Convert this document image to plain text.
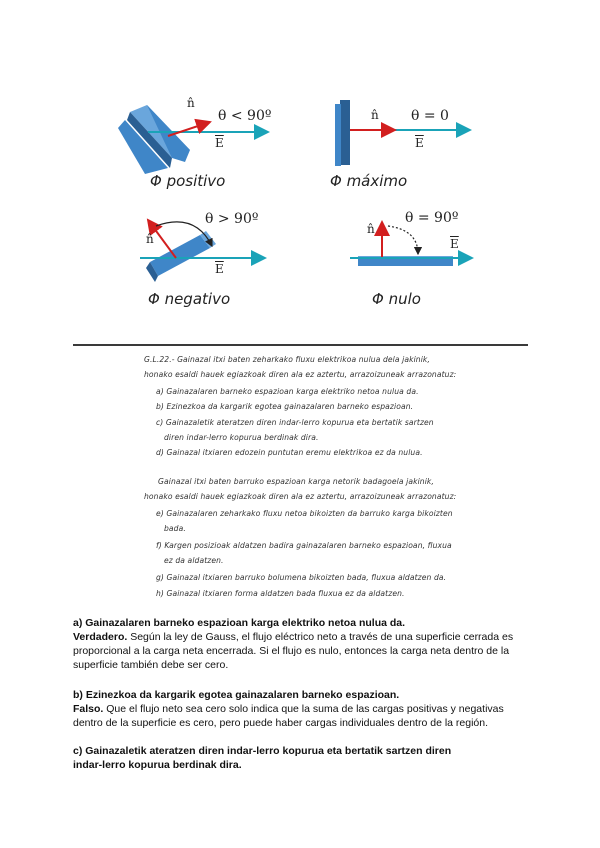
n̂
θ < 90º
$\overline{E}$
Φ positivo
n̂ θ = 0
$\overline{E}$
Φ máximo
n̂
θ > 90º
$\overline{E}$
Φ negativo
n̂
θ = 90º
$\overline{E}$
Φ nulo
G.L.22.- Gainazal itxi baten zeharkako fluxu elektrikoa nulua dela jakinik,
honako esaldi hauek egiazkoak diren ala ez aztertu, arrazoizuneak arrazonatuz:
a) Gainazalaren barneko espazioan karga elektriko netoa nulua da.
b) Ezinezkoa da kargarik egotea gainazalaren barneko espazioan.
c) Gainazaletik ateratzen diren indar-lerro kopurua eta bertatik sartzen
diren indar-lerro kopurua berdinak dira.
d) Gainazal itxiaren edozein puntutan eremu elektrikoa ez da nulua.
Gainazal itxi baten barruko espazioan karga netorik badagoela jakinik,
honako esaldi hauek egiazkoak diren ala ez aztertu, arrazoizuneak arrazonatuz:
e) Gainazalaren zeharkako fluxu netoa bikoizten da barruko karga bikoizten
bada.
f) Kargen posizioak aldatzen badira gainazalaren barneko espazioan, fluxua
ez da aldatzen.
g) Gainazal itxiaren barruko bolumena bikoizten bada, fluxua aldatzen da.
h) Gainazal itxiaren forma aldatzen bada fluxua ez da aldatzen.
a) Gainazalaren barneko espazioan karga elektriko netoa nulua da.
Verdadero. Según la ley de Gauss, el flujo eléctrico neto a través de una superficie cerrada es proporcional a la carga neta encerrada. Si el flujo es nulo, entonces la carga neta dentro de la superficie también debe ser cero.
b) Ezinezkoa da kargarik egotea gainazalaren barneko espazioan.
Falso. Que el flujo neto sea cero solo indica que la suma de las cargas positivas y negativas dentro de la superficie es cero, pero puede haber cargas individuales dentro de la región.
c) Gainazaletik ateratzen diren indar-lerro kopurua eta bertatik sartzen diren indar-lerro kopurua berdinak dira.
